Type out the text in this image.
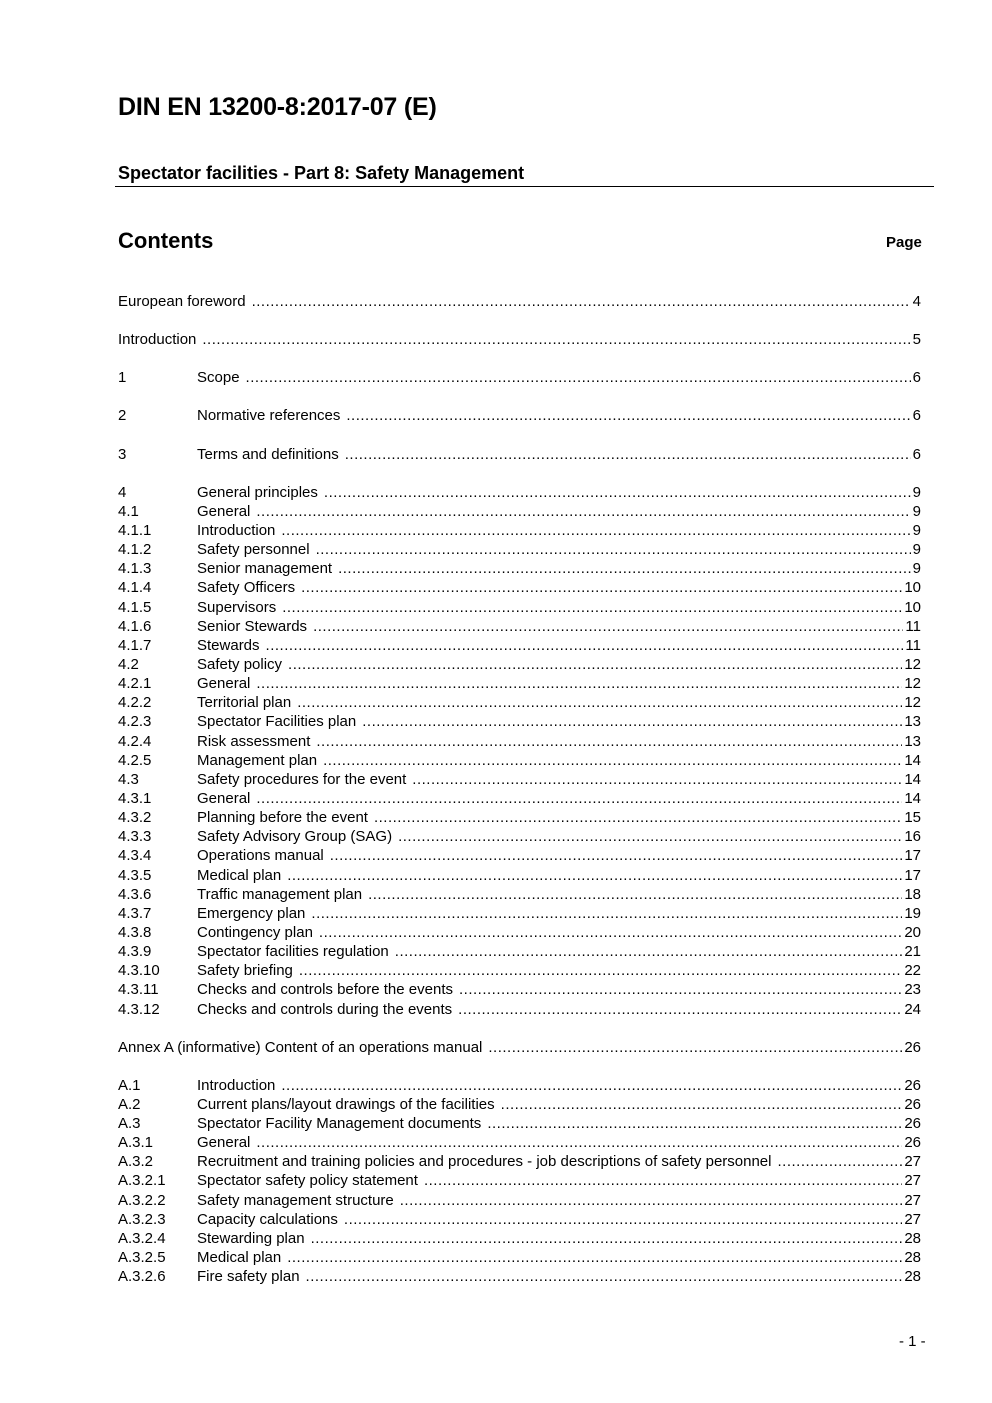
DIN EN 13200-8:2017-07 (E)
Spectator facilities - Part 8: Safety Management
Contents	Page
European foreword .....	4
Introduction .....	5
1	Scope .....	6
2	Normative references .....	6
3	Terms and definitions .....	6
4	General principles .....	9
4.1	General .....	9
4.1.1	Introduction .....	9
4.1.2	Safety personnel .....	9
4.1.3	Senior management .....	9
4.1.4	Safety Officers .....	10
4.1.5	Supervisors .....	10
4.1.6	Senior Stewards .....	11
4.1.7	Stewards .....	11
4.2	Safety policy .....	12
4.2.1	General .....	12
4.2.2	Territorial plan .....	12
4.2.3	Spectator Facilities plan .....	13
4.2.4	Risk assessment .....	13
4.2.5	Management plan .....	14
4.3	Safety procedures for the event .....	14
4.3.1	General .....	14
4.3.2	Planning before the event .....	15
4.3.3	Safety Advisory Group (SAG) .....	16
4.3.4	Operations manual .....	17
4.3.5	Medical plan .....	17
4.3.6	Traffic management plan .....	18
4.3.7	Emergency plan .....	19
4.3.8	Contingency plan .....	20
4.3.9	Spectator facilities regulation .....	21
4.3.10	Safety briefing .....	22
4.3.11	Checks and controls before the events .....	23
4.3.12	Checks and controls during the events .....	24
Annex A (informative) Content of an operations manual .....	26
A.1	Introduction .....	26
A.2	Current plans/layout drawings of the facilities .....	26
A.3	Spectator Facility Management documents .....	26
A.3.1	General .....	26
A.3.2	Recruitment and training policies and procedures - job descriptions of safety personnel .....	27
A.3.2.1	Spectator safety policy statement .....	27
A.3.2.2	Safety management structure .....	27
A.3.2.3	Capacity calculations .....	27
A.3.2.4	Stewarding plan .....	28
A.3.2.5	Medical plan .....	28
A.3.2.6	Fire safety plan .....	28
- 1 -
